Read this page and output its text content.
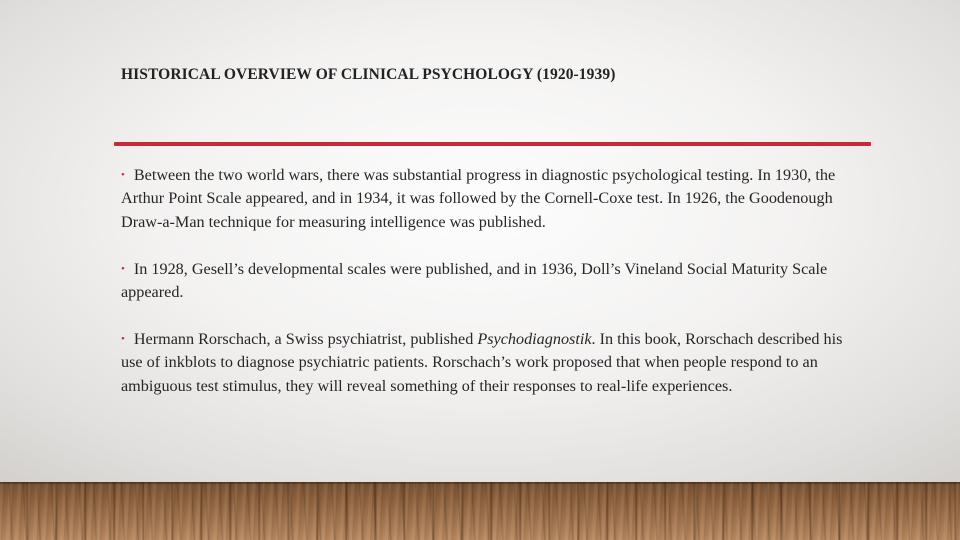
HISTORICAL OVERVIEW OF CLINICAL PSYCHOLOGY (1920-1939)
• Between the two world wars, there was substantial progress in diagnostic psychological testing. In 1930, the Arthur Point Scale appeared, and in 1934, it was followed by the Cornell-Coxe test. In 1926, the Goodenough Draw-a-Man technique for measuring intelligence was published.
• In 1928, Gesell’s developmental scales were published, and in 1936, Doll’s Vineland Social Maturity Scale appeared.
• Hermann Rorschach, a Swiss psychiatrist, published Psychodiagnostik. In this book, Rorschach described his use of inkblots to diagnose psychiatric patients. Rorschach’s work proposed that when people respond to an ambiguous test stimulus, they will reveal something of their responses to real-life experiences.
